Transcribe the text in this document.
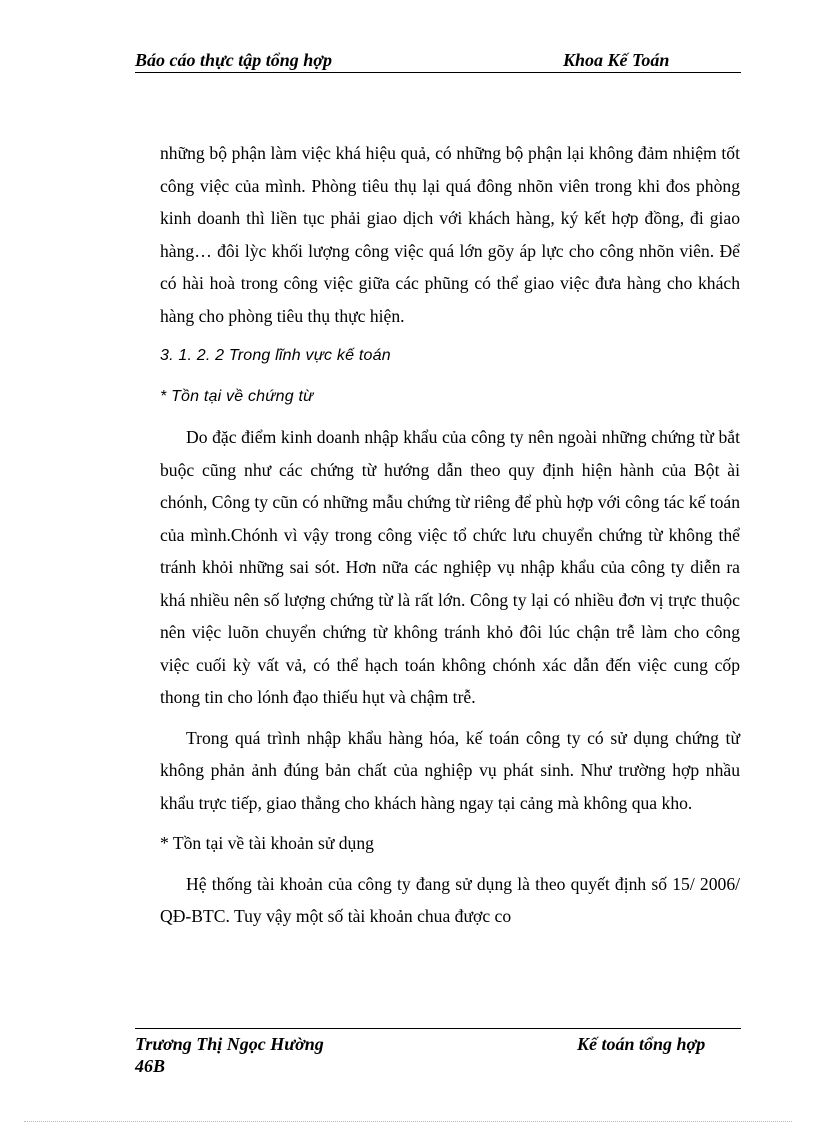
Báo cáo thực tập tổng hợp	Khoa Kế Toán

những bộ phận làm việc khá hiệu quả, có những bộ phận lại không đảm nhiệm tốt công việc của mình. Phòng tiêu thụ lại quá đông nhõn viên trong khi đos phòng kinh doanh thì liền tục phải giao dịch với khách hàng, ký kết hợp đồng, đi giao hàng… đôi lỳc khối lượng công việc quá lớn gõy áp lực cho công nhõn viên. Để có hài hoà trong công việc giữa các phũng có thể giao việc đưa hàng cho khách hàng cho phòng tiêu thụ thực hiện.

3. 1. 2. 2 Trong lĩnh vực kế toán

* Tồn tại về chứng từ

Do đặc điểm kinh doanh nhập khẩu của công ty nên ngoài những chứng từ bắt buộc cũng như các chứng từ hướng dẫn theo quy định hiện hành của Bột ài chónh, Công ty cũn có những mẫu chứng từ riêng để phù hợp với công tác kế toán của mình.Chónh vì vậy trong công việc tổ chức lưu chuyển chứng từ không thể tránh khỏi những sai sót. Hơn nữa các nghiệp vụ nhập khẩu của công ty diễn ra khá nhiều nên số lượng chứng từ là rất lớn. Công ty lại có nhiều đơn vị trực thuộc nên việc luõn chuyển chứng từ không tránh khỏ đôi lúc chận trễ làm cho công việc cuối kỳ vất vả, có thể hạch toán không chónh xác dẫn đến việc cung cốp thong tin cho lónh đạo thiếu hụt và chậm trễ.

Trong quá trình nhập khẩu hàng hóa, kế toán công ty có sử dụng chứng từ không phản ảnh đúng bản chất của nghiệp vụ phát sinh. Như trường hợp nhầu khẩu trực tiếp, giao thẳng cho khách hàng ngay tại cảng mà không qua kho.

* Tồn tại về tài khoản sử dụng

Hệ thống tài khoản của công ty đang sử dụng là theo quyết định số 15/ 2006/ QĐ-BTC. Tuy vậy một số tài khoản chua được co

Trương Thị Ngọc Hường
46B
Kế toán tổng hợp
